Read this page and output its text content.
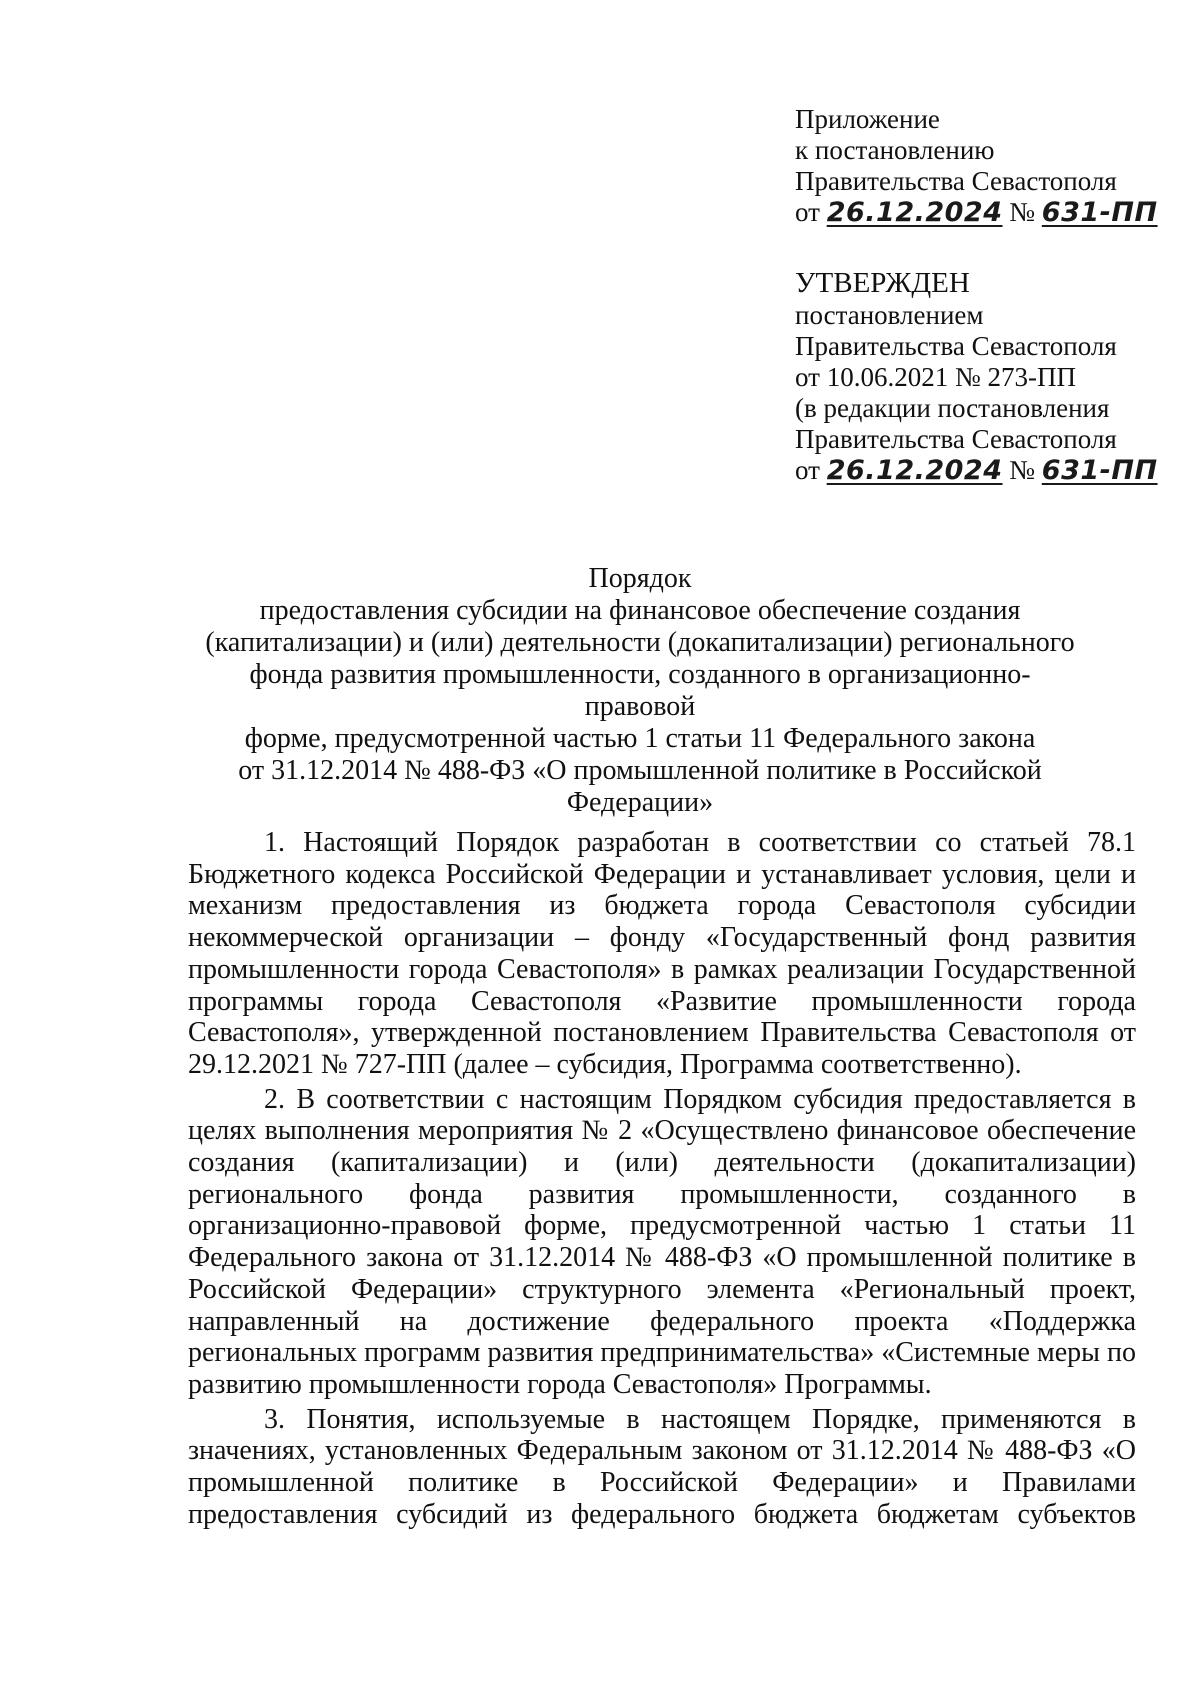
Приложение
к постановлению
Правительства Севастополя
от 26.12.2024 № 631-ПП
УТВЕРЖДЕН
постановлением
Правительства Севастополя
от 10.06.2021 № 273-ПП
(в редакции постановления
Правительства Севастополя
от 26.12.2024 № 631-ПП
Порядок
предоставления субсидии на финансовое обеспечение создания
(капитализации) и (или) деятельности (докапитализации) регионального
фонда развития промышленности, созданного в организационно-правовой
форме, предусмотренной частью 1 статьи 11 Федерального закона
от 31.12.2014 № 488-ФЗ «О промышленной политике в Российской
Федерации»

1. Настоящий Порядок разработан в соответствии со статьей 78.1 Бюджетного кодекса Российской Федерации и устанавливает условия, цели и механизм предоставления из бюджета города Севастополя субсидии некоммерческой организации – фонду «Государственный фонд развития промышленности города Севастополя» в рамках реализации Государственной программы города Севастополя «Развитие промышленности города Севастополя», утвержденной постановлением Правительства Севастополя от 29.12.2021 № 727-ПП (далее – субсидия, Программа соответственно).

2. В соответствии с настоящим Порядком субсидия предоставляется в целях выполнения мероприятия № 2 «Осуществлено финансовое обеспечение создания (капитализации) и (или) деятельности (докапитализации) регионального фонда развития промышленности, созданного в организационно-правовой форме, предусмотренной частью 1 статьи 11 Федерального закона от 31.12.2014 № 488-ФЗ «О промышленной политике в Российской Федерации» структурного элемента «Региональный проект, направленный на достижение федерального проекта «Поддержка региональных программ развития предпринимательства» «Системные меры по развитию промышленности города Севастополя» Программы.

3. Понятия, используемые в настоящем Порядке, применяются в значениях, установленных Федеральным законом от 31.12.2014 № 488-ФЗ «О промышленной политике в Российской Федерации» и Правилами предоставления субсидий из федерального бюджета бюджетам субъектов
